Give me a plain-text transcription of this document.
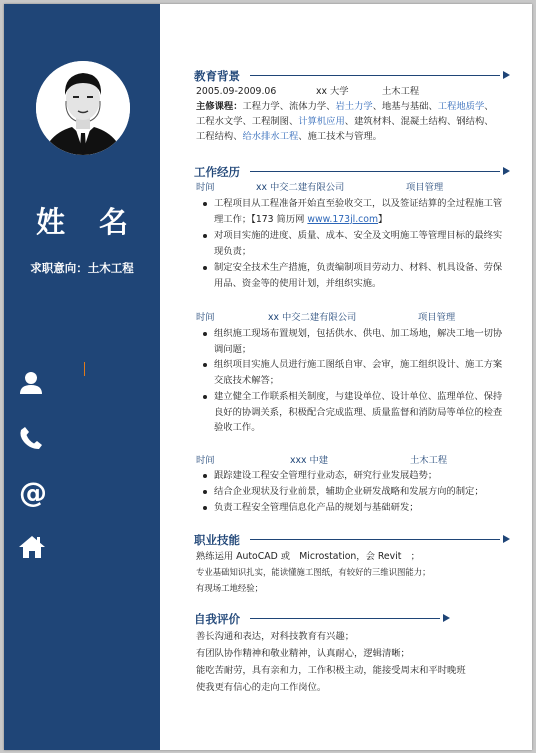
姓 名
求职意向：土木工程
@
教育背景
2005.09-2009.06	xx 大学	土木工程
主修课程：工程力学、流体力学、岩土力学、地基与基础、工程地质学、
工程水文学、工程制图、计算机应用、建筑材料、混凝土结构、钢结构、
工程结构、给水排水工程、施工技术与管理。
工作经历
时间	xx 中交二建有限公司	项目管理
工程项目从工程准备开始直至验收交工，以及签证结算的全过程施工管理工作；【173 简历网 www.173jl.com】
对项目实施的进度、质量、成本、安全及文明施工等管理目标的最终实现负责；
制定安全技术生产措施，负责编制项目劳动力、材料、机具设备、劳保用品、资金等的使用计划，并组织实施。
时间	xx 中交二建有限公司	项目管理
组织施工现场布置规划，包括供水、供电、加工场地，解决工地一切协调问题；
组织项目实施人员进行施工图纸自审、会审，施工组织设计、施工方案交底技术解答；
建立健全工作联系相关制度，与建设单位、设计单位、监理单位、保持良好的协调关系，积极配合完成监理、质量监督和消防局等单位的检查验收工作。
时间	xxx 中建	土木工程
跟踪建设工程安全管理行业动态，研究行业发展趋势；
结合企业现状及行业前景，辅助企业研发战略和发展方向的制定；
负责工程安全管理信息化产品的规划与基础研发；
职业技能
熟练运用 AutoCAD 或　Microstation，会 Revit　；
专业基础知识扎实，能读懂施工图纸，有较好的三维识图能力；
有现场工地经验；
自我评价
善长沟通和表达，对科技教育有兴趣；
有团队协作精神和敬业精神，认真耐心，逻辑清晰；
能吃苦耐劳，具有亲和力，工作积极主动，能接受周末和平时晚班
使我更有信心的走向工作岗位。
